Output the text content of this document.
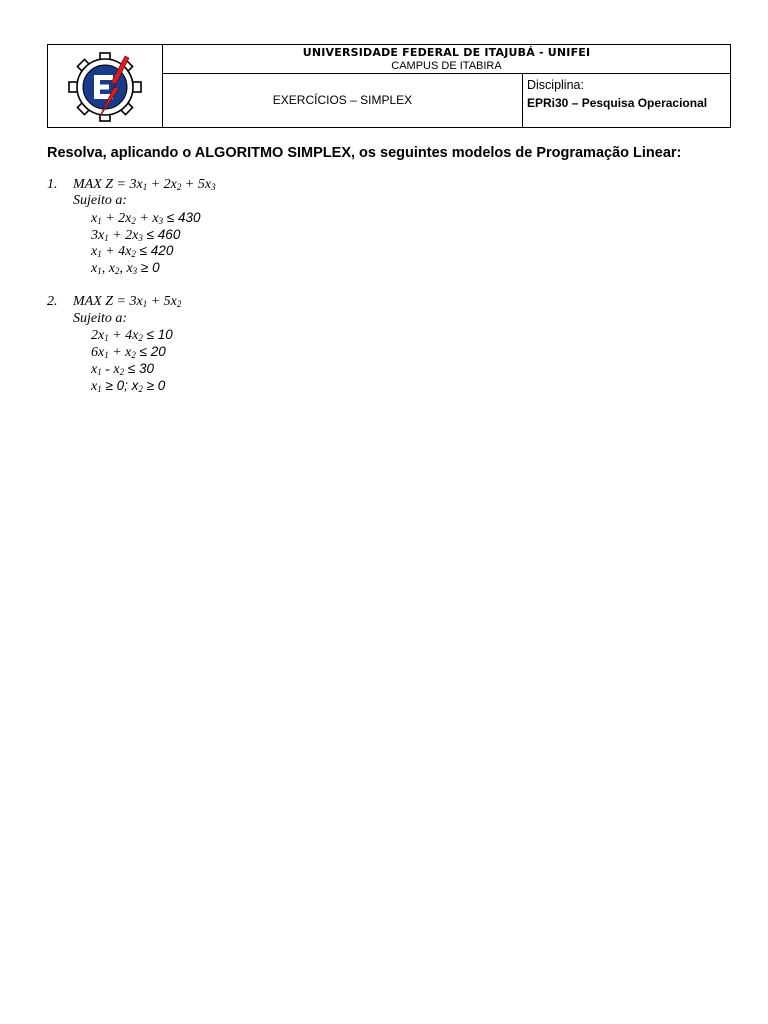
UNIVERSIDADE FEDERAL DE ITAJUBÁ - UNIFEI
CAMPUS DE ITABIRA
EXERCÍCIOS – SIMPLEX
Disciplina:
EPRi30 – Pesquisa Operacional
Resolva, aplicando o ALGORITMO SIMPLEX, os seguintes modelos de Programação Linear:
1. MAX $Z = 3x_1 + 2x_2 + 5x_3$
Sujeito a:
$x_1 + 2x_2 + x_3 \le 430$
$3x_1 + 2x_3 \le 460$
$x_1 + 4x_2 \le 420$
$x_1$, $x_2$, $x_3 \ge 0$
2. MAX $Z = 3x_1 + 5x_2$
Sujeito a:
$2x_1 + 4x_2 \le 10$
$6x_1 + x_2 \le 20$
$x_1 - x_2 \le 30$
$x_1 \ge 0$; $x_2 \ge 0$
